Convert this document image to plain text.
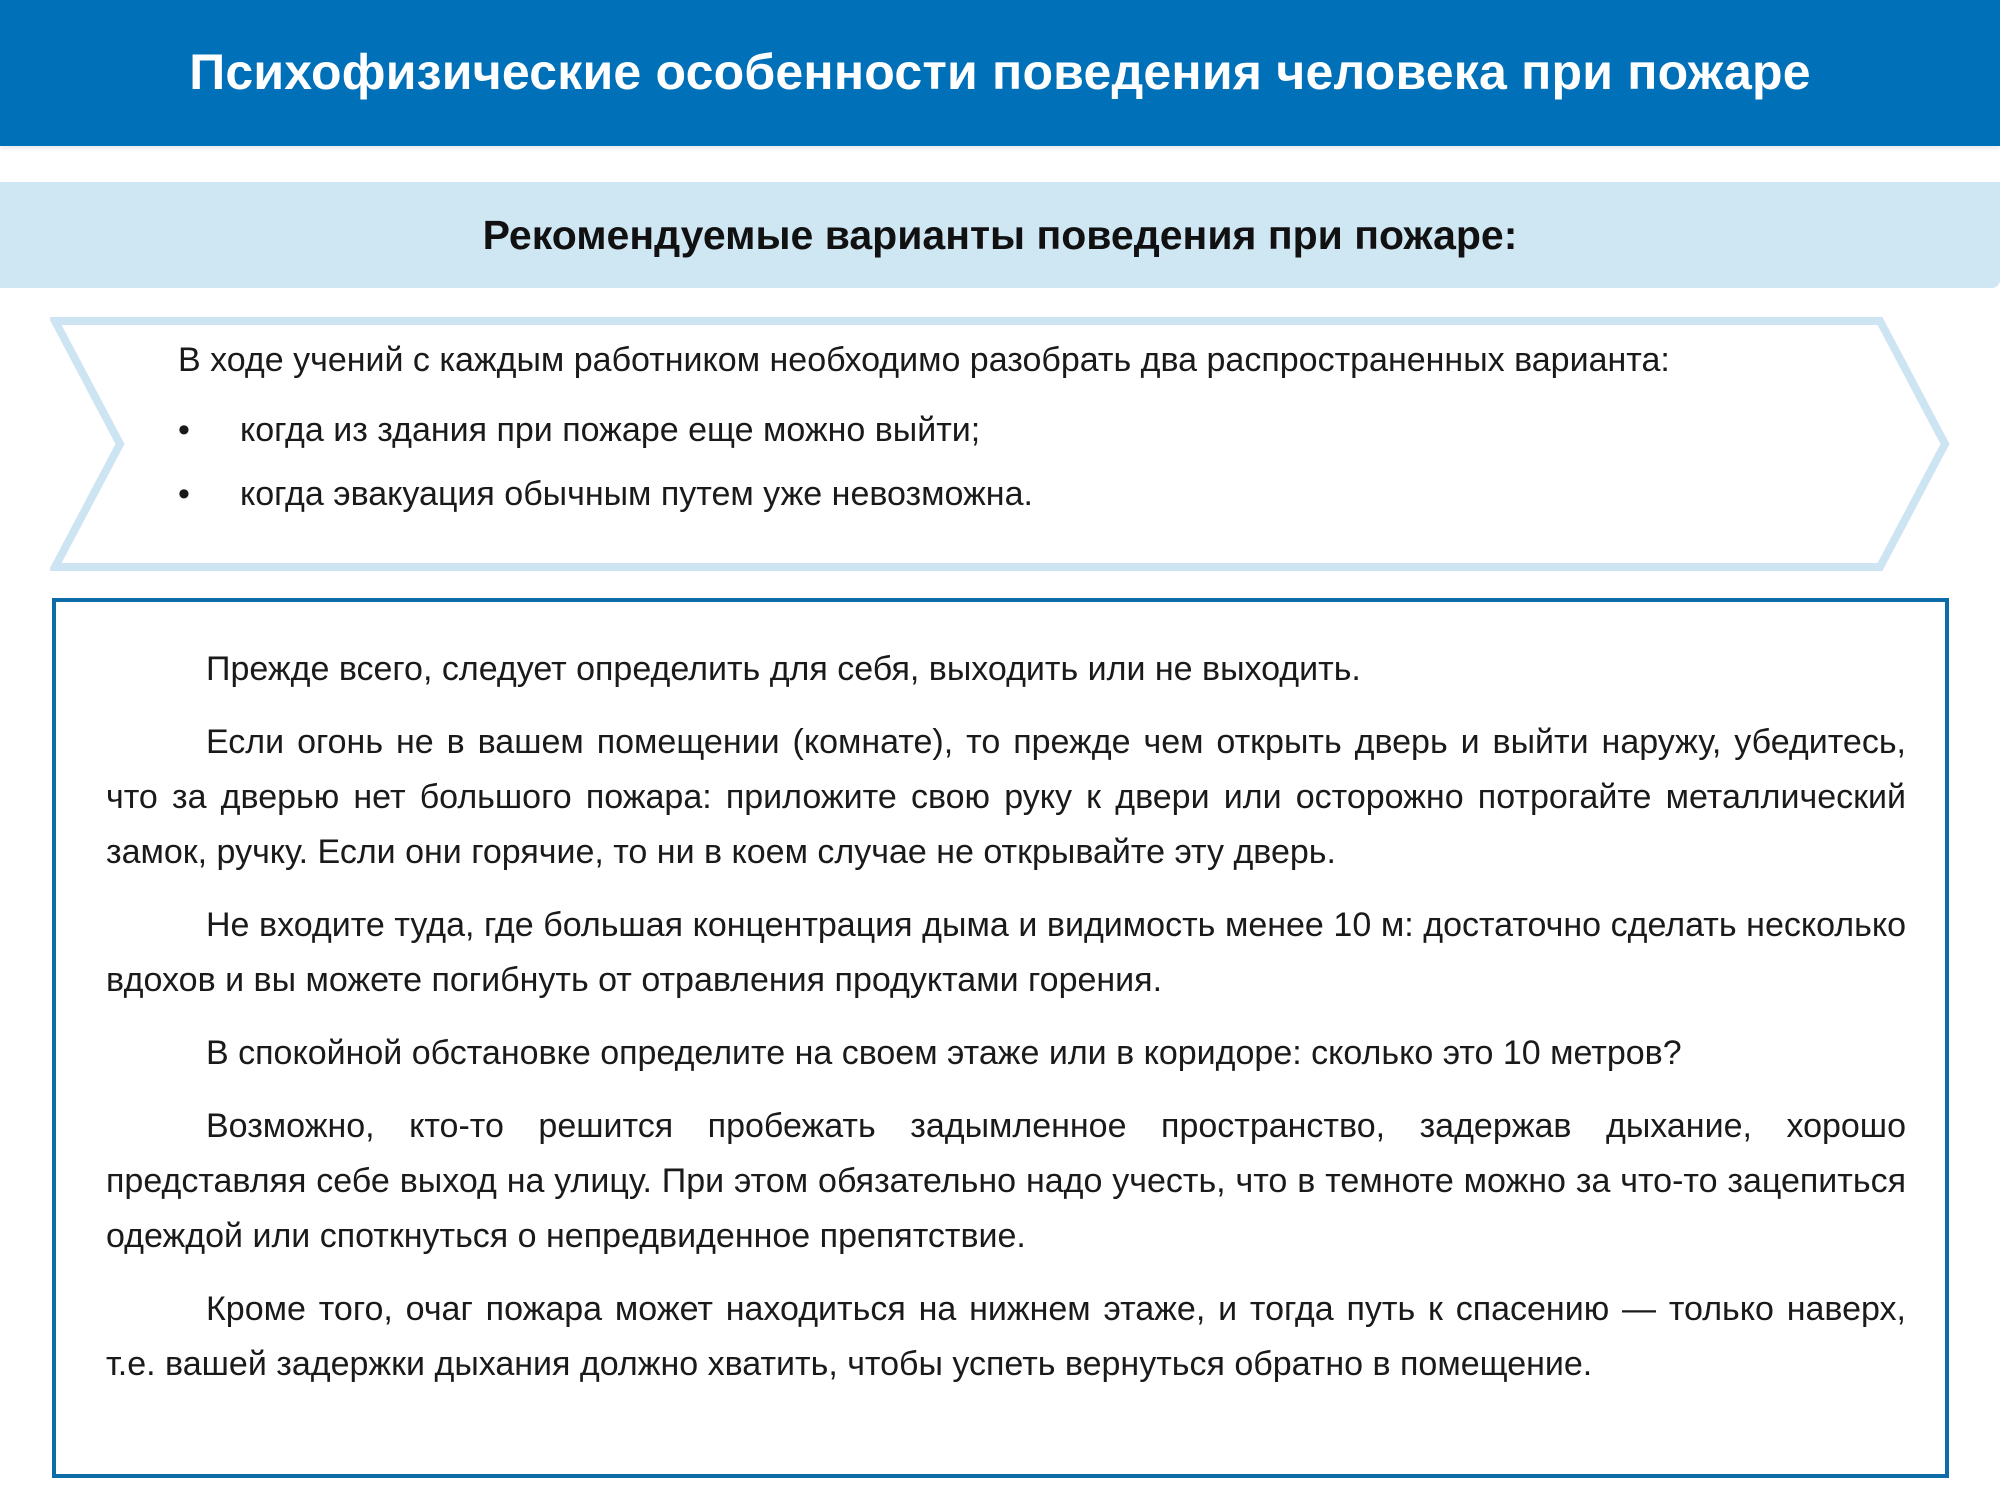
Психофизические особенности поведения человека при пожаре
Рекомендуемые варианты поведения при пожаре:

В ходе учений с каждым работником необходимо разобрать два распространенных варианта:

•	когда из здания при пожаре еще можно выйти;
•	когда эвакуация обычным путем уже невозможна.

Прежде всего, следует определить для себя, выходить или не выходить.

Если огонь не в вашем помещении (комнате), то прежде чем открыть дверь и выйти наружу, убедитесь, что за дверью нет большого пожара: приложите свою руку к двери или осторожно потрогайте металлический замок, ручку. Если они горячие, то ни в коем случае не открывайте эту дверь.

Не входите туда, где большая концентрация дыма и видимость менее 10 м: достаточно сделать несколько вдохов и вы можете погибнуть от отравления продуктами горения.

В спокойной обстановке определите на своем этаже или в коридоре: сколько это 10 метров?

Возможно, кто-то решится пробежать задымленное пространство, задержав дыхание, хорошо представляя себе выход на улицу. При этом обязательно надо учесть, что в темноте можно за что-то зацепиться одеждой или споткнуться о непредвиденное препятствие.

Кроме того, очаг пожара может находиться на нижнем этаже, и тогда путь к спасению — только наверх, т.е. вашей задержки дыхания должно хватить, чтобы успеть вернуться обратно в помещение.
